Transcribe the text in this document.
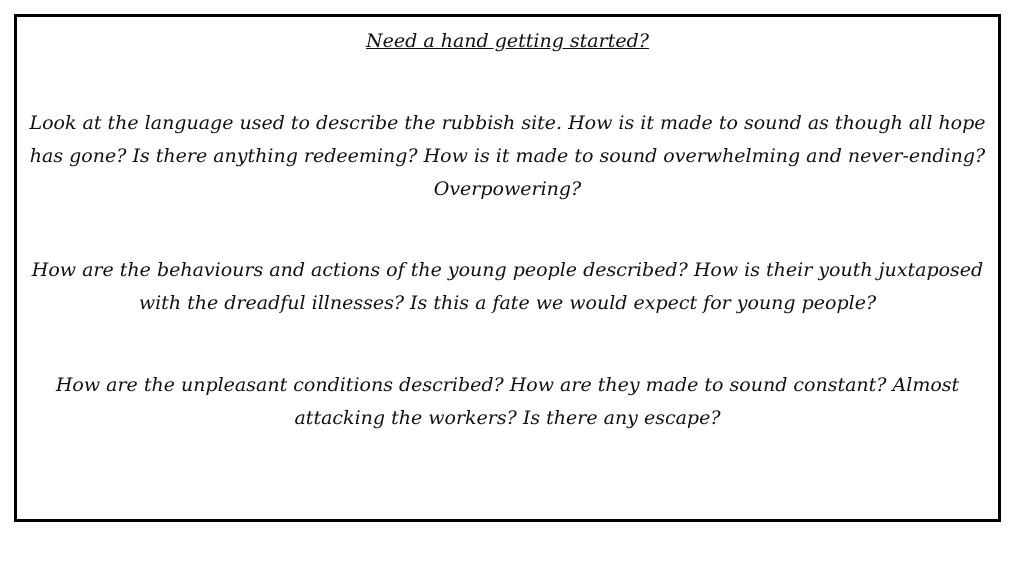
Need a hand getting started?

Look at the language used to describe the rubbish site. How is it made to sound as though all hope has gone? Is there anything redeeming? How is it made to sound overwhelming and never-ending? Overpowering?

How are the behaviours and actions of the young people described? How is their youth juxtaposed with the dreadful illnesses? Is this a fate we would expect for young people?

How are the unpleasant conditions described? How are they made to sound constant? Almost attacking the workers? Is there any escape?
